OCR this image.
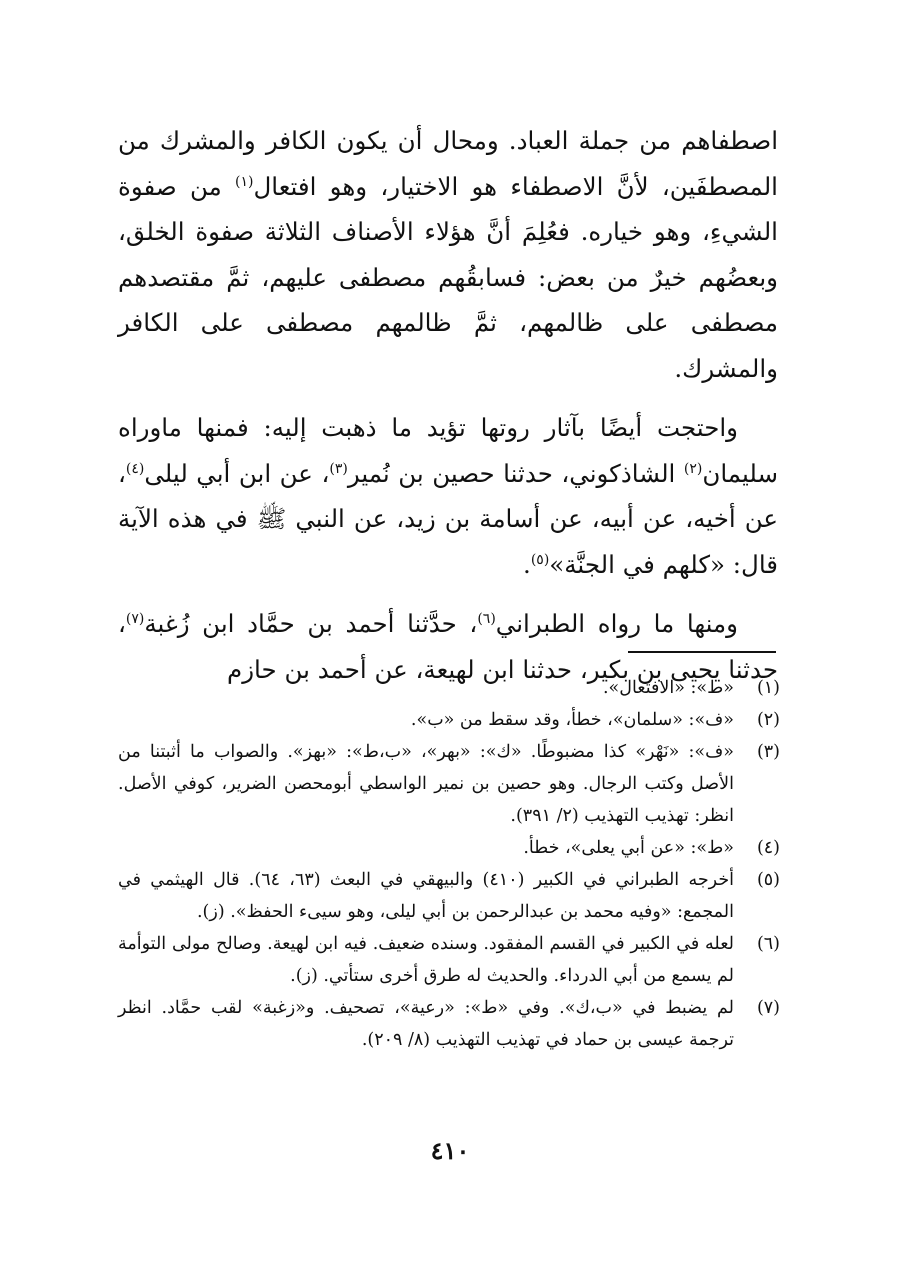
اصطفاهم من جملة العباد. ومحال أن يكون الكافر والمشرك من المصطفَين، لأنَّ الاصطفاء هو الاختيار، وهو افتعال$^{(١)}$ من صفوة الشيءِ، وهو خياره. فعُلِمَ أنَّ هؤلاء الأصناف الثلاثة صفوة الخلق، وبعضُهم خيرٌ من بعض: فسابقُهم مصطفى عليهم، ثمَّ مقتصدهم مصطفى على ظالمهم، ثمَّ ظالمهم مصطفى على الكافر والمشرك.

واحتجت أيضًا بآثار روتها تؤيد ما ذهبت إليه: فمنها ماوراه سليمان$^{(٢)}$ الشاذكوني، حدثنا حصين بن نُمير$^{(٣)}$، عن ابن أبي ليلى$^{(٤)}$، عن أخيه، عن أبيه، عن أسامة بن زيد، عن النبي ﷺ في هذه الآية قال: «كلهم في الجنَّة»$^{(٥)}$.

ومنها ما رواه الطبراني$^{(٦)}$، حدَّثنا أحمد بن حمَّاد ابن زُغبة$^{(٧)}$، حدثنا يحيى بن بكير، حدثنا ابن لهيعة، عن أحمد بن حازم

(١)
«ط»: «الافتعال».
(٢)
«ف»: «سلمان»، خطأ، وقد سقط من «ب».
(٣)
«ف»: «نَهْر» كذا مضبوطًا. «ك»: «بهر»، «ب،ط»: «بهز». والصواب ما أثبتنا من الأصل وكتب الرجال. وهو حصين بن نمير الواسطي أبومحصن الضرير، كوفي الأصل. انظر: تهذيب التهذيب (٢/ ٣٩١).
(٤)
«ط»: «عن أبي يعلى»، خطأ.
(٥)
أخرجه الطبراني في الكبير (٤١٠) والبيهقي في البعث (٦٣، ٦٤). قال الهيثمي في المجمع: «وفيه محمد بن عبدالرحمن بن أبي ليلى، وهو سيىء الحفظ». (ز).
(٦)
لعله في الكبير في القسم المفقود. وسنده ضعيف. فيه ابن لهيعة. وصالح مولى التوأمة لم يسمع من أبي الدرداء. والحديث له طرق أخرى ستأتي. (ز).
(٧)
لم يضبط في «ب،ك». وفي «ط»: «رعية»، تصحيف. و«زغبة» لقب حمَّاد. انظر ترجمة عيسى بن حماد في تهذيب التهذيب (٨/ ٢٠٩).
٤١٠
